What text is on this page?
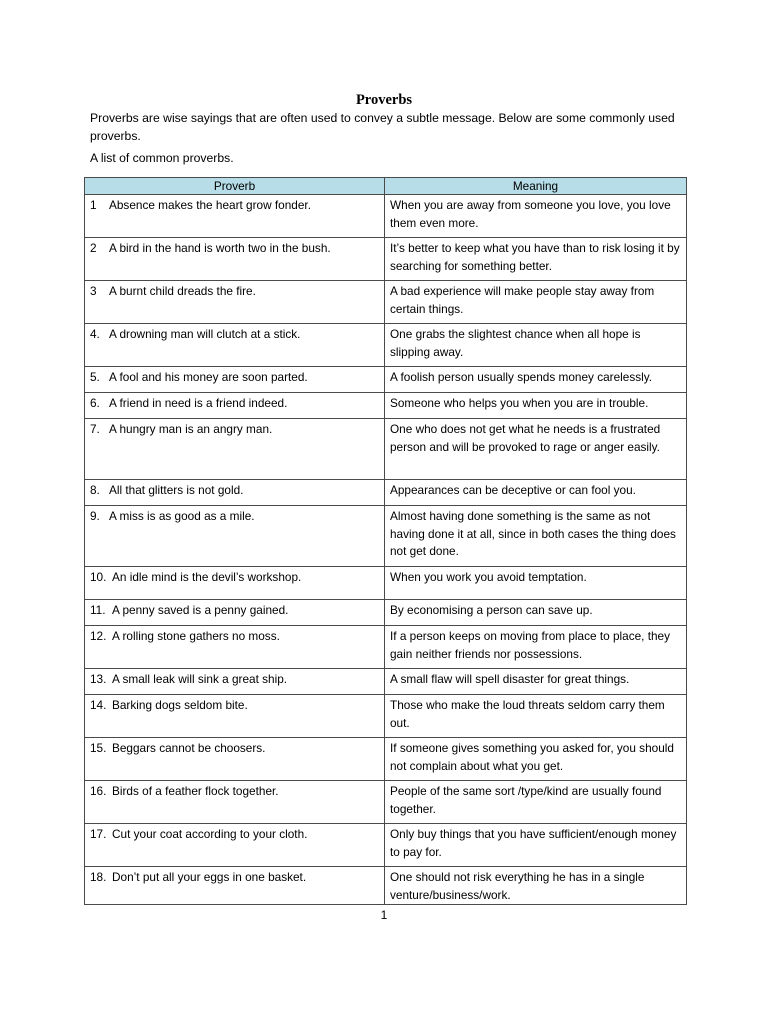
Proverbs

Proverbs are wise sayings that are often used to convey a subtle message. Below are some commonly used proverbs.

A list of common proverbs.

Proverb	Meaning
1 Absence makes the heart grow fonder.	When you are away from someone you love, you love them even more.
2 A bird in the hand is worth two in the bush.	It’s better to keep what you have than to risk losing it by searching for something better.
3 A burnt child dreads the fire.	A bad experience will make people stay away from certain things.
4. A drowning man will clutch at a stick.	One grabs the slightest chance when all hope is slipping away.
5. A fool and his money are soon parted.	A foolish person usually spends money carelessly.
6. A friend in need is a friend indeed.	Someone who helps you when you are in trouble.
7. A hungry man is an angry man.	One who does not get what he needs is a frustrated person and will be provoked to rage or anger easily.
8. All that glitters is not gold.	Appearances can be deceptive or can fool you.
9. A miss is as good as a mile.	Almost having done something is the same as not having done it at all, since in both cases the thing does not get done.
10. An idle mind is the devil’s workshop.	When you work you avoid temptation.
11. A penny saved is a penny gained.	By economising a person can save up.
12. A rolling stone gathers no moss.	If a person keeps on moving from place to place, they gain neither friends nor possessions.
13. A small leak will sink a great ship.	A small flaw will spell disaster for great things.
14. Barking dogs seldom bite.	Those who make the loud threats seldom carry them out.
15. Beggars cannot be choosers.	If someone gives something you asked for, you should not complain about what you get.
16. Birds of a feather flock together.	People of the same sort /type/kind are usually found together.
17. Cut your coat according to your cloth.	Only buy things that you have sufficient/enough money to pay for.
18. Don’t put all your eggs in one basket.	One should not risk everything he has in a single venture/business/work.
1
